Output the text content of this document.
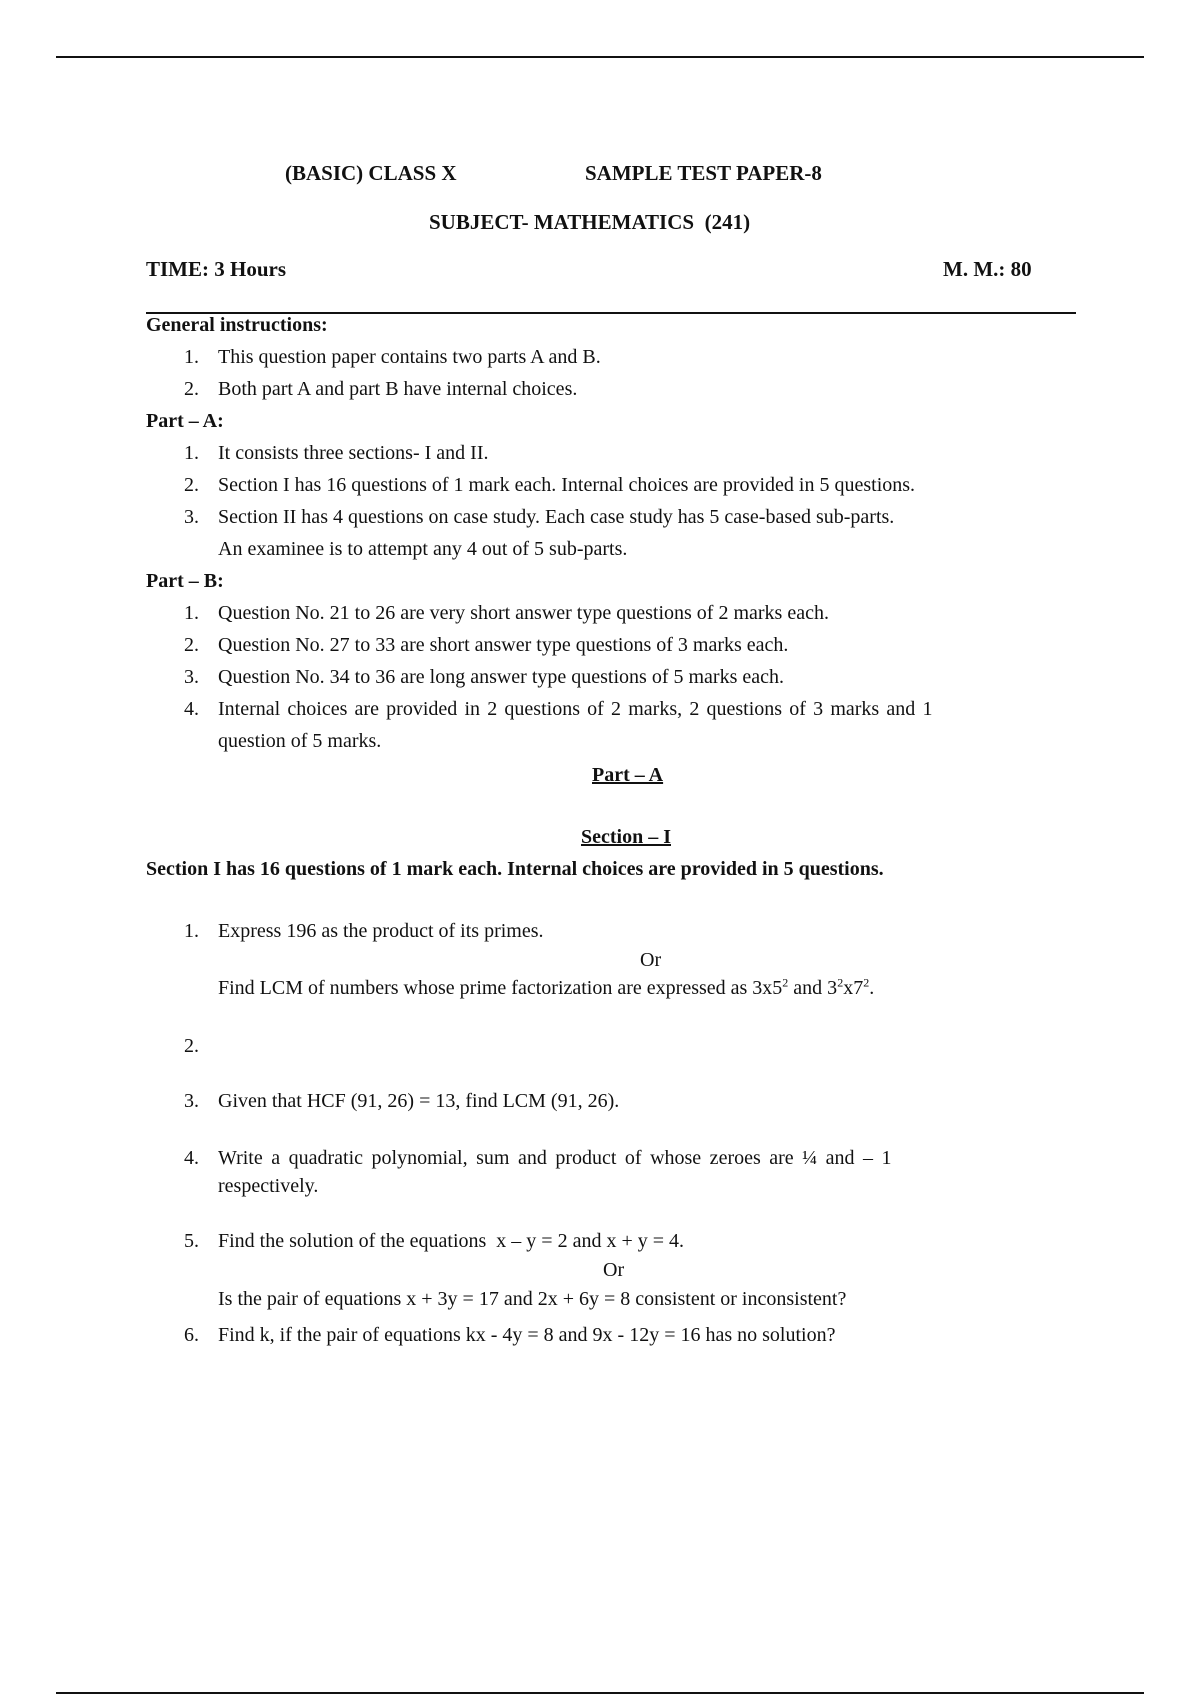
(BASIC) CLASS X	SAMPLE TEST PAPER-8
SUBJECT- MATHEMATICS  (241)
TIME: 3 Hours	M. M.: 80
General instructions:
1. This question paper contains two parts A and B.
2. Both part A and part B have internal choices.
Part – A:
1. It consists three sections- I and II.
2. Section I has 16 questions of 1 mark each. Internal choices are provided in 5 questions.
3. Section II has 4 questions on case study. Each case study has 5 case-based sub-parts.
An examinee is to attempt any 4 out of 5 sub-parts.
Part – B:
1. Question No. 21 to 26 are very short answer type questions of 2 marks each.
2. Question No. 27 to 33 are short answer type questions of 3 marks each.
3. Question No. 34 to 36 are long answer type questions of 5 marks each.
4. Internal choices are provided in 2 questions of 2 marks, 2 questions of 3 marks and 1
question of 5 marks.
Part – A
Section – I
Section I has 16 questions of 1 mark each. Internal choices are provided in 5 questions.
1. Express 196 as the product of its primes.
Or
Find LCM of numbers whose prime factorization are expressed as $3x5^2$ and $3^2x7^2$.
2.
3. Given that HCF (91, 26) = 13, find LCM (91, 26).
4. Write a quadratic polynomial, sum and product of whose zeroes are ¼ and – 1
respectively.
5. Find the solution of the equations  x – y = 2 and x + y = 4.
Or
Is the pair of equations x + 3y = 17 and 2x + 6y = 8 consistent or inconsistent?
6. Find k, if the pair of equations kx - 4y = 8 and 9x - 12y = 16 has no solution?
